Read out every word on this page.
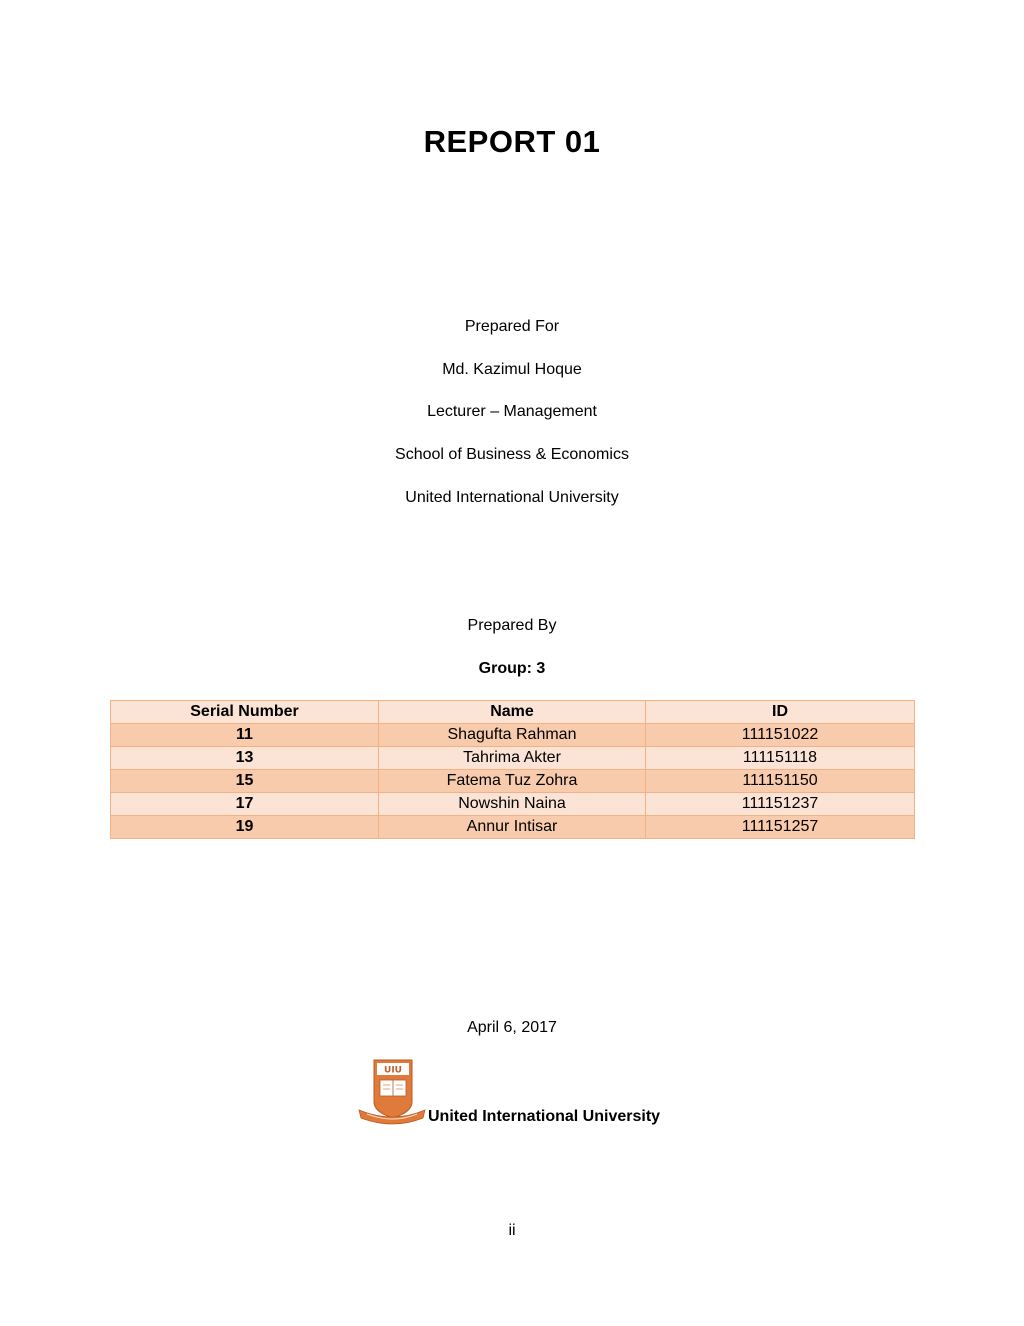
REPORT 01
Prepared For
Md. Kazimul Hoque
Lecturer – Management
School of Business & Economics
United International University
Prepared By
Group: 3
Serial Number	Name	ID
11	Shagufta Rahman	111151022
13	Tahrima Akter	111151118
15	Fatema Tuz Zohra	111151150
17	Nowshin Naina	111151237
19	Annur Intisar	111151257
April 6, 2017
UIU
United International University
ii
